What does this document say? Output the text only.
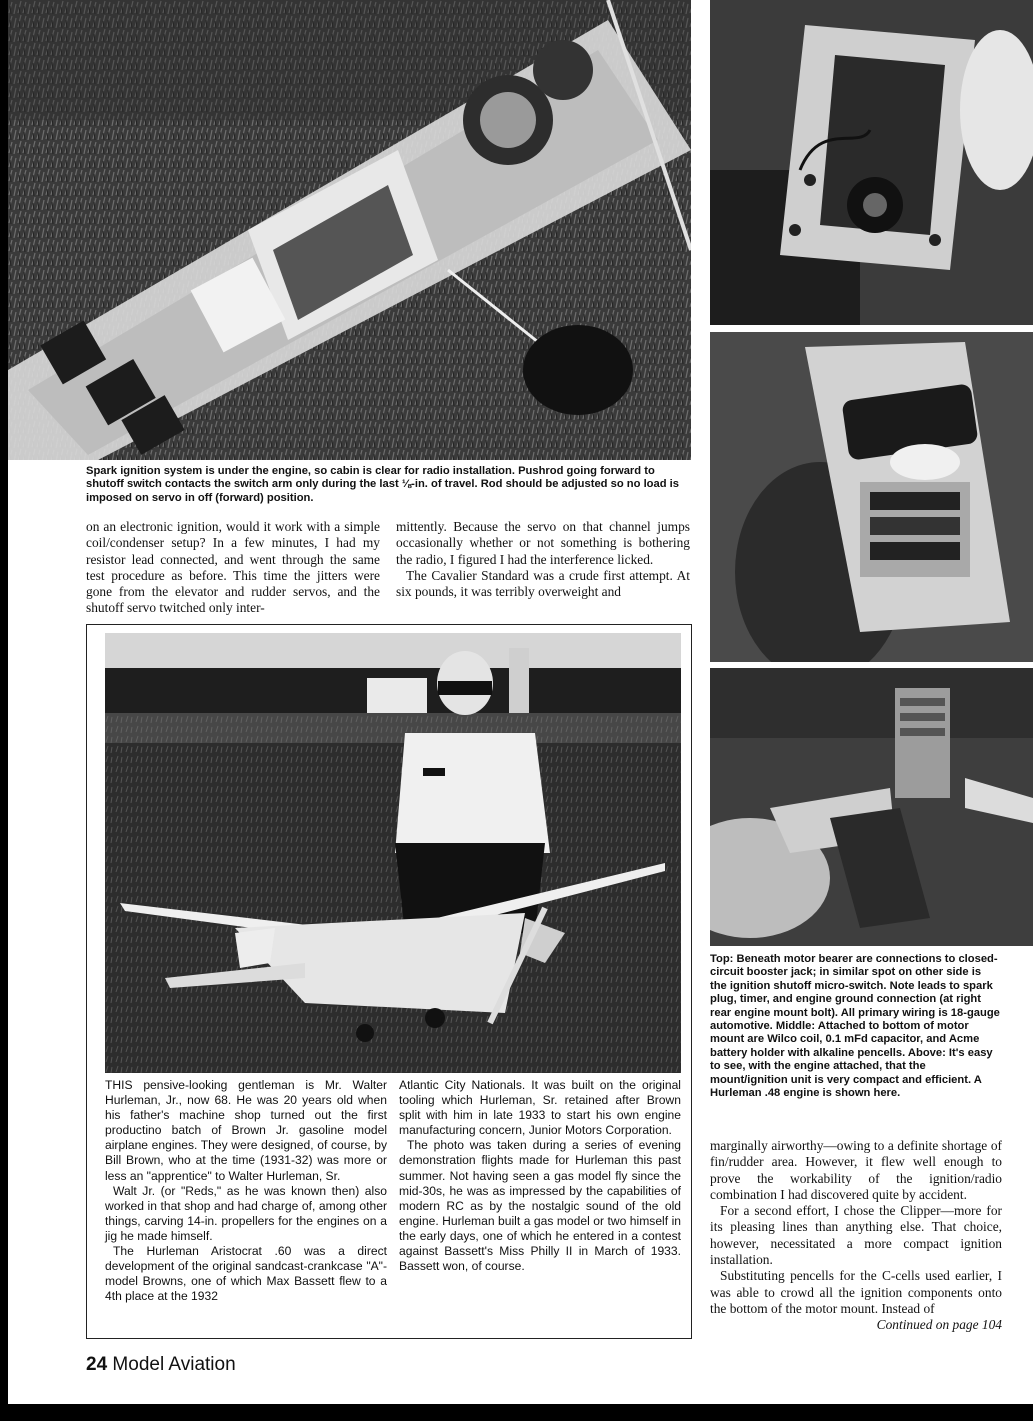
Spark ignition system is under the engine, so cabin is clear for radio installation. Pushrod going forward to shutoff switch contacts the switch arm only during the last ⅛-in. of travel. Rod should be adjusted so no load is imposed on servo in off (forward) position.

on an electronic ignition, would it work with a simple coil/condenser setup? In a few minutes, I had my resistor lead connected, and went through the same test procedure as before. This time the jitters were gone from the elevator and rudder servos, and the shutoff servo twitched only inter-

mittently. Because the servo on that channel jumps occasionally whether or not something is bothering the radio, I figured I had the interference licked.

The Cavalier Standard was a crude first attempt. At six pounds, it was terribly overweight and

Top: Beneath motor bearer are connections to closed-circuit booster jack; in similar spot on other side is the ignition shutoff micro-switch. Note leads to spark plug, timer, and engine ground connection (at right rear engine mount bolt). All primary wiring is 18-gauge automotive. Middle: Attached to bottom of motor mount are Wilco coil, 0.1 mFd capacitor, and Acme battery holder with alkaline pencells. Above: It's easy to see, with the engine attached, that the mount/ignition unit is very compact and efficient. A Hurleman .48 engine is shown here.

THIS pensive-looking gentleman is Mr. Walter Hurleman, Jr., now 68. He was 20 years old when his father's machine shop turned out the first productino batch of Brown Jr. gasoline model airplane engines. They were designed, of course, by Bill Brown, who at the time (1931-32) was more or less an "apprentice" to Walter Hurleman, Sr.

Walt Jr. (or "Reds," as he was known then) also worked in that shop and had charge of, among other things, carving 14-in. propellers for the engines on a jig he made himself.

The Hurleman Aristocrat .60 was a direct development of the original sandcast-crankcase "A"-model Browns, one of which Max Bassett flew to a 4th place at the 1932

Atlantic City Nationals. It was built on the original tooling which Hurleman, Sr. retained after Brown split with him in late 1933 to start his own engine manufacturing concern, Junior Motors Corporation.

The photo was taken during a series of evening demonstration flights made for Hurleman this past summer. Not having seen a gas model fly since the mid-30s, he was as impressed by the capabilities of modern RC as by the nostalgic sound of the old engine. Hurleman built a gas model or two himself in the early days, one of which he entered in a contest against Bassett's Miss Philly II in March of 1933. Bassett won, of course.

marginally airworthy—owing to a definite shortage of fin/rudder area. However, it flew well enough to prove the workability of the ignition/radio combination I had discovered quite by accident.

For a second effort, I chose the Clipper—more for its pleasing lines than anything else. That choice, however, necessitated a more compact ignition installation.

Substituting pencells for the C-cells used earlier, I was able to crowd all the ignition components onto the bottom of the motor mount. Instead of

Continued on page 104
24 Model Aviation
